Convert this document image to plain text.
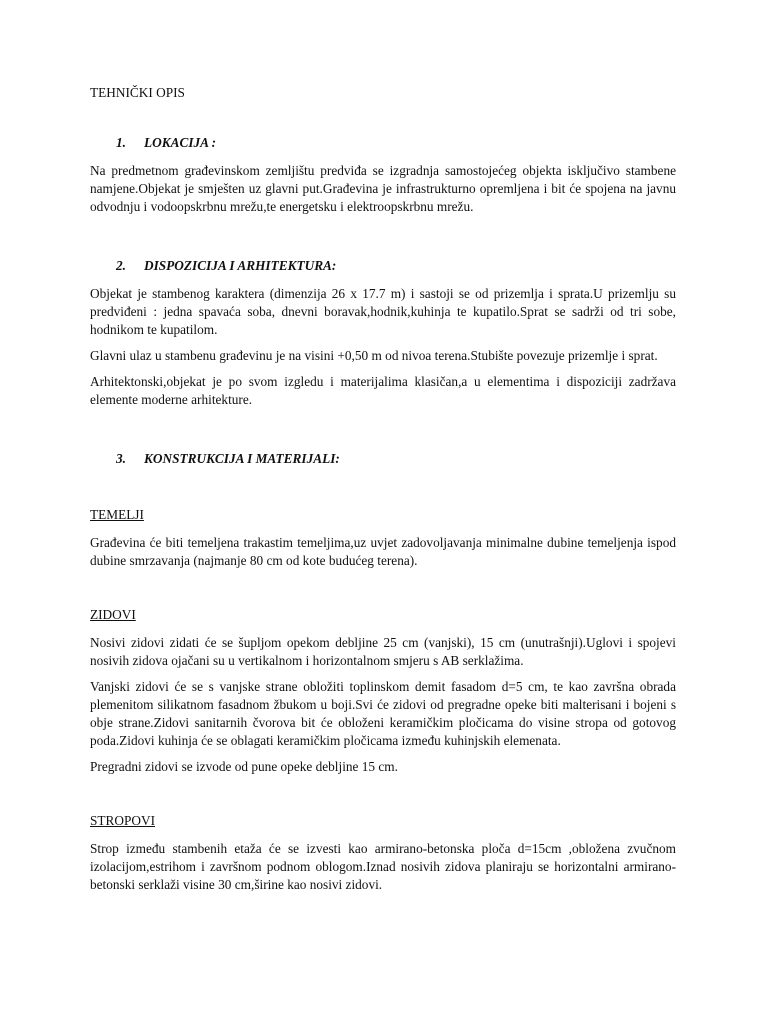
TEHNIČKI OPIS
1.	LOKACIJA :

Na predmetnom građevinskom zemljištu predviđa se izgradnja samostojećeg objekta isključivo stambene namjene.Objekat je smješten uz glavni put.Građevina je infrastrukturno opremljena i bit će spojena na javnu odvodnju i vodoopskrbnu mrežu,te energetsku i elektroopskrbnu mrežu.

2.	DISPOZICIJA I ARHITEKTURA:

Objekat je stambenog karaktera (dimenzija 26 x 17.7 m) i sastoji se od prizemlja i sprata.U prizemlju su predviđeni : jedna spavaća soba, dnevni boravak,hodnik,kuhinja te kupatilo.Sprat se sadrži od tri sobe, hodnikom te kupatilom.

Glavni ulaz u stambenu građevinu je na visini +0,50 m od nivoa terena.Stubište povezuje prizemlje i sprat.

Arhitektonski,objekat je po svom izgledu i materijalima klasičan,a u elementima i dispoziciji zadržava elemente moderne arhitekture.

3.	KONSTRUKCIJA I MATERIJALI:
TEMELJI

Građevina će biti temeljena trakastim temeljima,uz uvjet zadovoljavanja minimalne dubine temeljenja ispod dubine smrzavanja (najmanje 80 cm od kote budućeg terena).

ZIDOVI

Nosivi zidovi zidati će se šupljom opekom debljine 25 cm (vanjski), 15 cm (unutrašnji).Uglovi i spojevi nosivih zidova ojačani su u vertikalnom i horizontalnom smjeru s AB serklažima.

Vanjski zidovi će se s vanjske strane obložiti toplinskom demit fasadom d=5 cm, te kao završna obrada plemenitom silikatnom fasadnom žbukom u boji.Svi će zidovi od pregradne opeke biti malterisani i bojeni s obje strane.Zidovi sanitarnih čvorova bit će obloženi keramičkim pločicama do visine stropa od gotovog poda.Zidovi kuhinja će se oblagati keramičkim pločicama između kuhinjskih elemenata.

Pregradni zidovi se izvode od pune opeke debljine 15 cm.

STROPOVI

Strop između stambenih etaža će se izvesti kao armirano-betonska ploča d=15cm ,obložena zvučnom izolacijom,estrihom i završnom podnom oblogom.Iznad nosivih zidova planiraju se horizontalni armirano-betonski serklaži visine 30 cm,širine kao nosivi zidovi.
